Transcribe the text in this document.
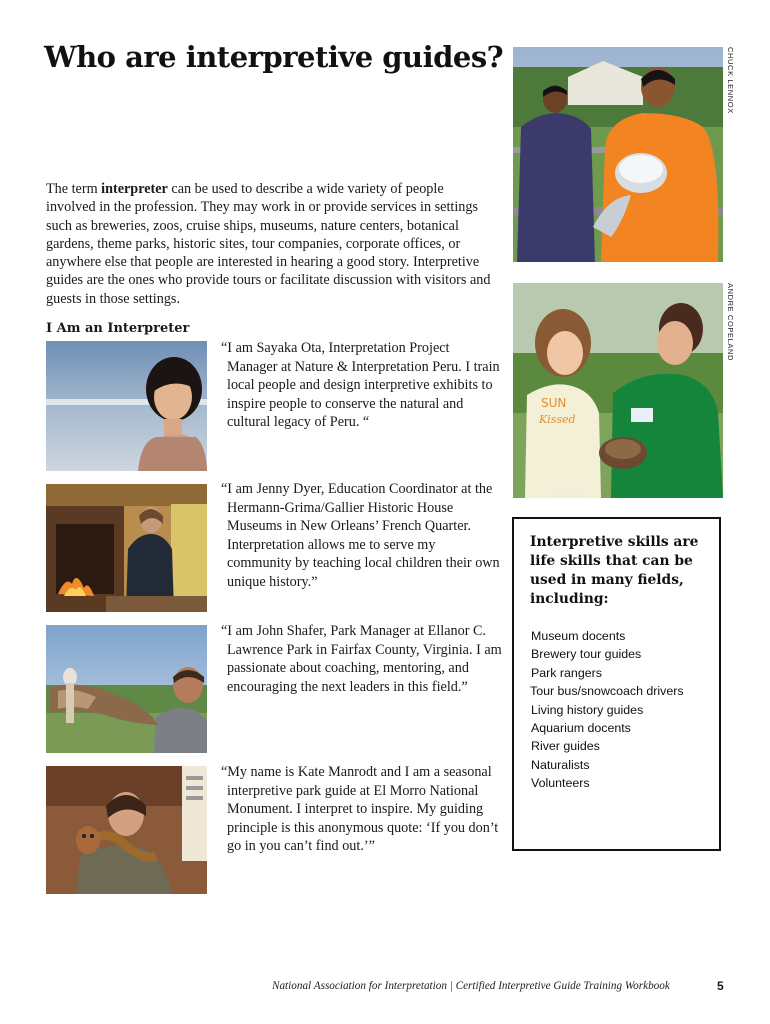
Who are interpretive guides?
The term interpreter can be used to describe a wide variety of people involved in the profession. They may work in or provide services in settings such as breweries, zoos, cruise ships, museums, nature centers, botanical gardens, theme parks, historic sites, tour companies, corporate offices, or anywhere else that people are interested in hearing a good story. Interpretive guides are the ones who provide tours or facilitate discussion with visitors and guests in those settings.
I Am an Interpreter
“I am Sayaka Ota, Interpretation Project Manager at Nature & Interpretation Peru. I train local people and design interpretive exhibits to inspire people to conserve the natural and cultural legacy of Peru. “
“I am Jenny Dyer, Education Coordinator at the Hermann-Grima/Gallier Historic House Museums in New Orleans’ French Quarter. Interpretation allows me to serve my community by teaching local children their own unique history.”
“I am John Shafer, Park Manager at Ellanor C. Lawrence Park in Fairfax County, Virginia. I am passionate about coaching, mentoring, and encouraging the next leaders in this field.”
“My name is Kate Manrodt and I am a seasonal interpretive park guide at El Morro National Monument. I interpret to inspire. My guiding principle is this anonymous quote: ‘If you don’t go in you can’t find out.’”
CHUCK LENNOX
SUN
Kissed
ANDRE COPELAND
Interpretive skills are life skills that can be used in many fields, including:
Museum docents
Brewery tour guides
Park rangers
Tour bus/snowcoach drivers
Living history guides
Aquarium docents
River guides
Naturalists
Volunteers
National Association for Interpretation | Certified Interpretive Guide Training Workbook	5
